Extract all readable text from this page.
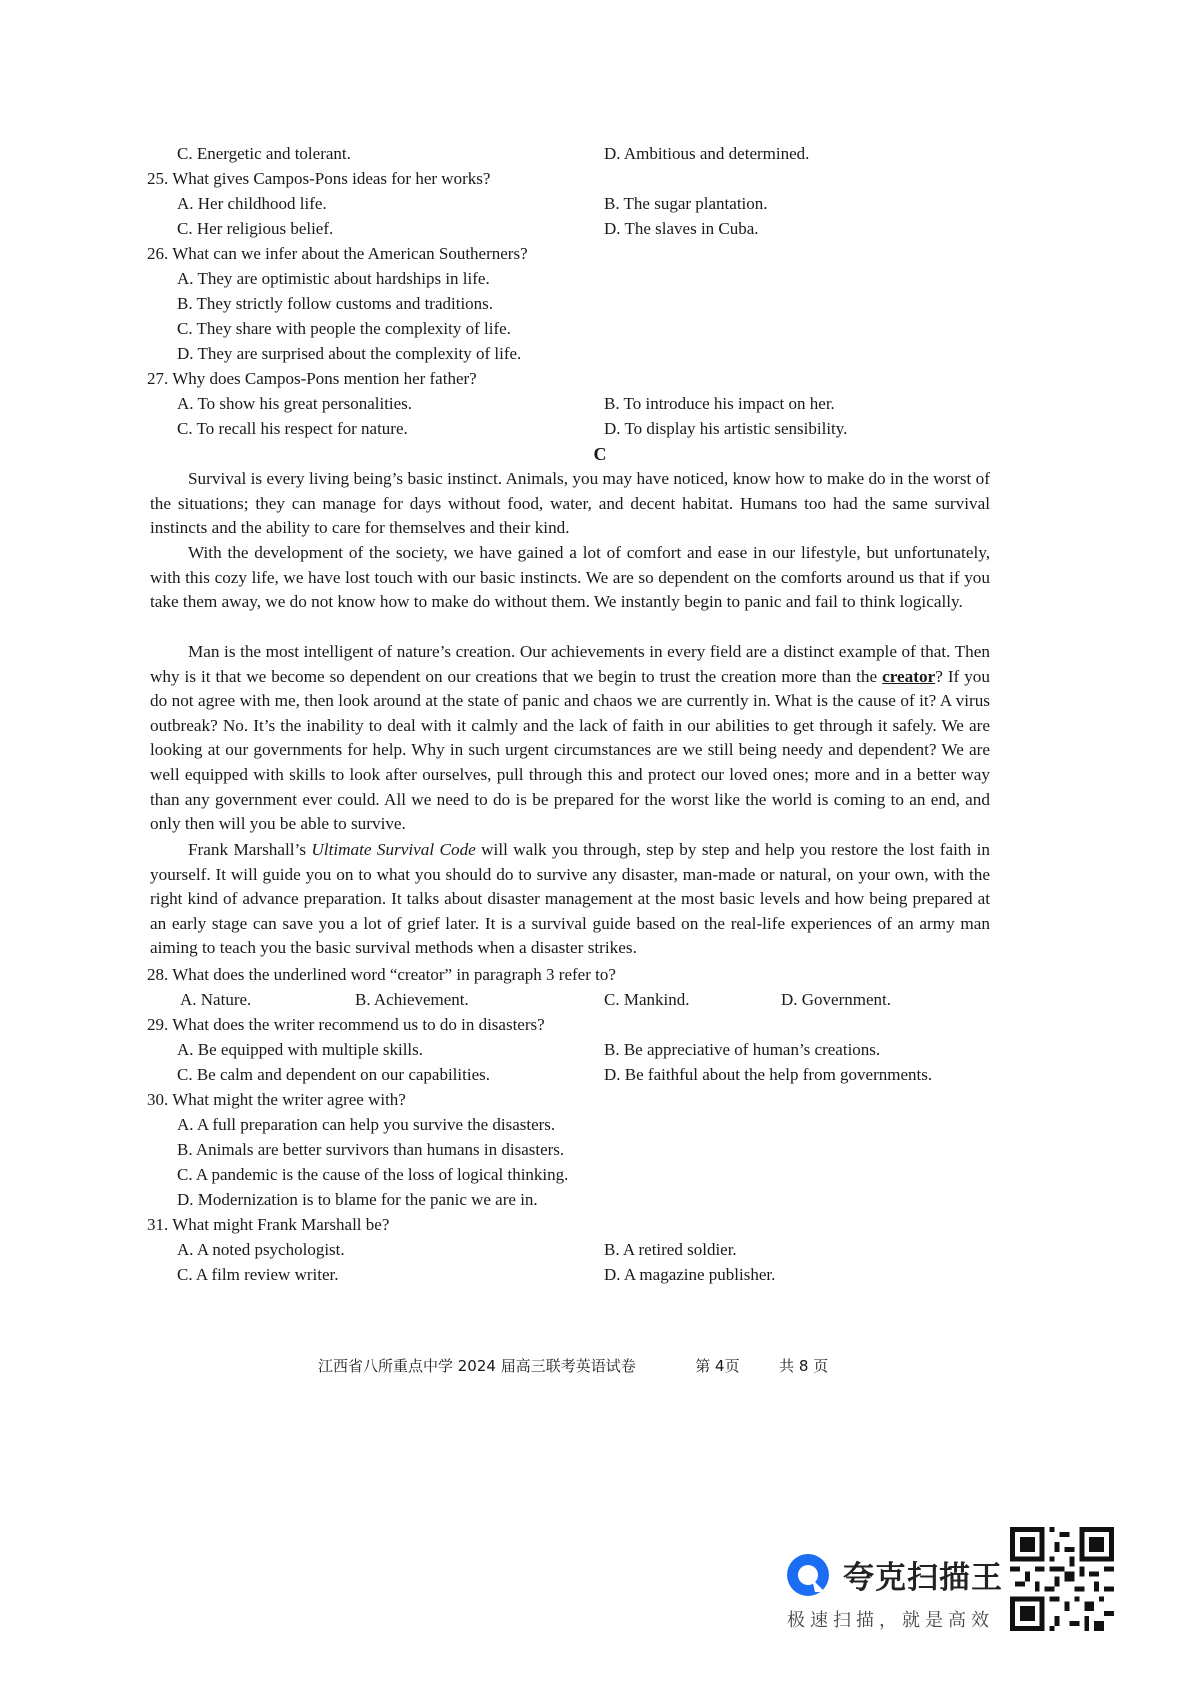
C. Energetic and tolerant.	D. Ambitious and determined.
25. What gives Campos-Pons ideas for her works?
A. Her childhood life.	B. The sugar plantation.
C. Her religious belief.	D. The slaves in Cuba.
26. What can we infer about the American Southerners?
A. They are optimistic about hardships in life.
B. They strictly follow customs and traditions.
C. They share with people the complexity of life.
D. They are surprised about the complexity of life.
27. Why does Campos-Pons mention her father?
A. To show his great personalities.	B. To introduce his impact on her.
C. To recall his respect for nature.	D. To display his artistic sensibility.
C
Survival is every living being’s basic instinct. Animals, you may have noticed, know how to make do in the worst of the situations; they can manage for days without food, water, and decent habitat. Humans too had the same survival instincts and the ability to care for themselves and their kind.
With the development of the society, we have gained a lot of comfort and ease in our lifestyle, but unfortunately, with this cozy life, we have lost touch with our basic instincts. We are so dependent on the comforts around us that if you take them away, we do not know how to make do without them. We instantly begin to panic and fail to think logically.
Man is the most intelligent of nature’s creation. Our achievements in every field are a distinct example of that. Then why is it that we become so dependent on our creations that we begin to trust the creation more than the creator? If you do not agree with me, then look around at the state of panic and chaos we are currently in. What is the cause of it? A virus outbreak? No. It’s the inability to deal with it calmly and the lack of faith in our abilities to get through it safely. We are looking at our governments for help. Why in such urgent circumstances are we still being needy and dependent? We are well equipped with skills to look after ourselves, pull through this and protect our loved ones; more and in a better way than any government ever could. All we need to do is be prepared for the worst like the world is coming to an end, and only then will you be able to survive.
Frank Marshall’s Ultimate Survival Code will walk you through, step by step and help you restore the lost faith in yourself. It will guide you on to what you should do to survive any disaster, man-made or natural, on your own, with the right kind of advance preparation. It talks about disaster management at the most basic levels and how being prepared at an early stage can save you a lot of grief later. It is a survival guide based on the real-life experiences of an army man aiming to teach you the basic survival methods when a disaster strikes.
28. What does the underlined word “creator” in paragraph 3 refer to?
A. Nature.	B. Achievement.	C. Mankind.	D. Government.
29. What does the writer recommend us to do in disasters?
A. Be equipped with multiple skills.	B. Be appreciative of human’s creations.
C. Be calm and dependent on our capabilities.	D. Be faithful about the help from governments.
30. What might the writer agree with?
A. A full preparation can help you survive the disasters.
B. Animals are better survivors than humans in disasters.
C. A pandemic is the cause of the loss of logical thinking.
D. Modernization is to blame for the panic we are in.
31. What might Frank Marshall be?
A. A noted psychologist.	B. A retired soldier.
C. A film review writer.	D. A magazine publisher.
江西省八所重点中学 2024 届高三联考英语试卷	第 4页	共 8 页
夸克扫描王
极速扫描，就是高效
